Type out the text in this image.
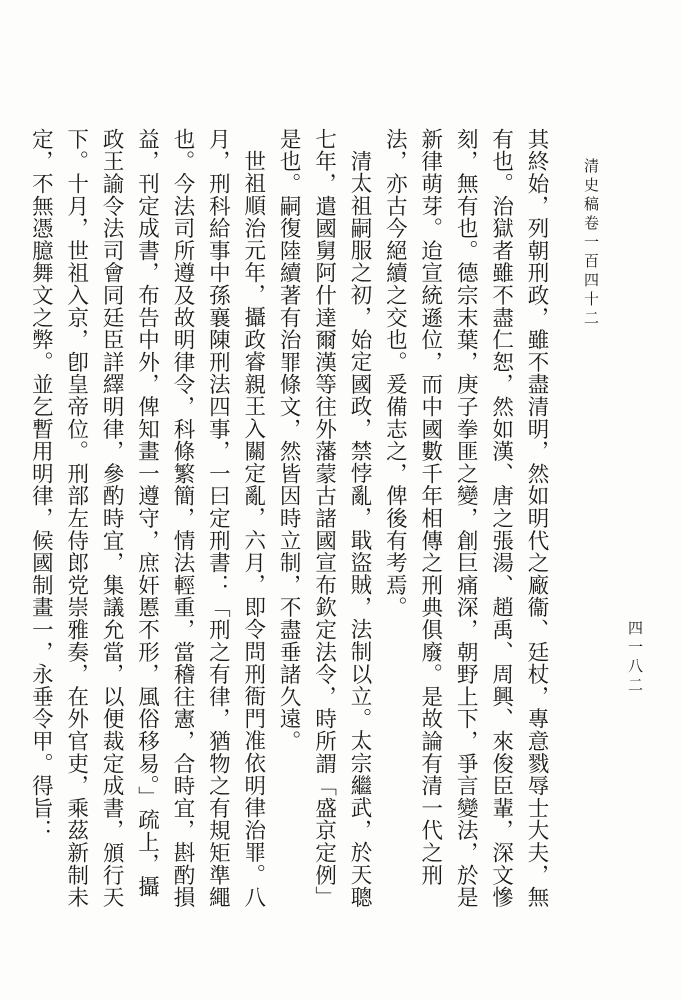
清史稿卷一百四十二
四一八二

其終始，列朝刑政，雖不盡清明，然如明代之廠衞、廷杖，專意戮辱士大夫，無有也。治獄者雖不盡仁恕，然如漢、唐之張湯、趙禹、周興、來俊臣輩，深文慘刻，無有也。德宗末葉，庚子拳匪之變，創巨痛深，朝野上下，爭言變法，於是新律萌芽。迨宣統遜位，而中國數千年相傳之刑典俱廢。是故論有清一代之刑法，亦古今絕續之交也。爰備志之，俾後有考焉。

清太祖嗣服之初，始定國政，禁悖亂，戢盜賊，法制以立。太宗繼武，於天聰七年，遣國舅阿什達爾漢等往外藩蒙古諸國宣布欽定法令，時所謂「盛京定例」是也。嗣復陸續著有治罪條文，然皆因時立制，不盡垂諸久遠。

世祖順治元年，攝政睿親王入關定亂，六月，即令問刑衙門准依明律治罪。八月，刑科給事中孫襄陳刑法四事，一曰定刑書：「刑之有律，猶物之有規矩準繩也。今法司所遵及故明律令，科條繁簡，情法輕重，當稽往憲，合時宜，斟酌損益，刊定成書，布告中外，俾知畫一遵守，庶奸慝不形，風俗移易。」疏上，攝政王諭令法司會同廷臣詳繹明律，參酌時宜，集議允當，以便裁定成書，頒行天下。十月，世祖入京，卽皇帝位。刑部左侍郎党崇雅奏，在外官吏，乘茲新制未定，不無憑臆舞文之弊。並乞暫用明律，候國制畫一，永垂令甲。得旨：
